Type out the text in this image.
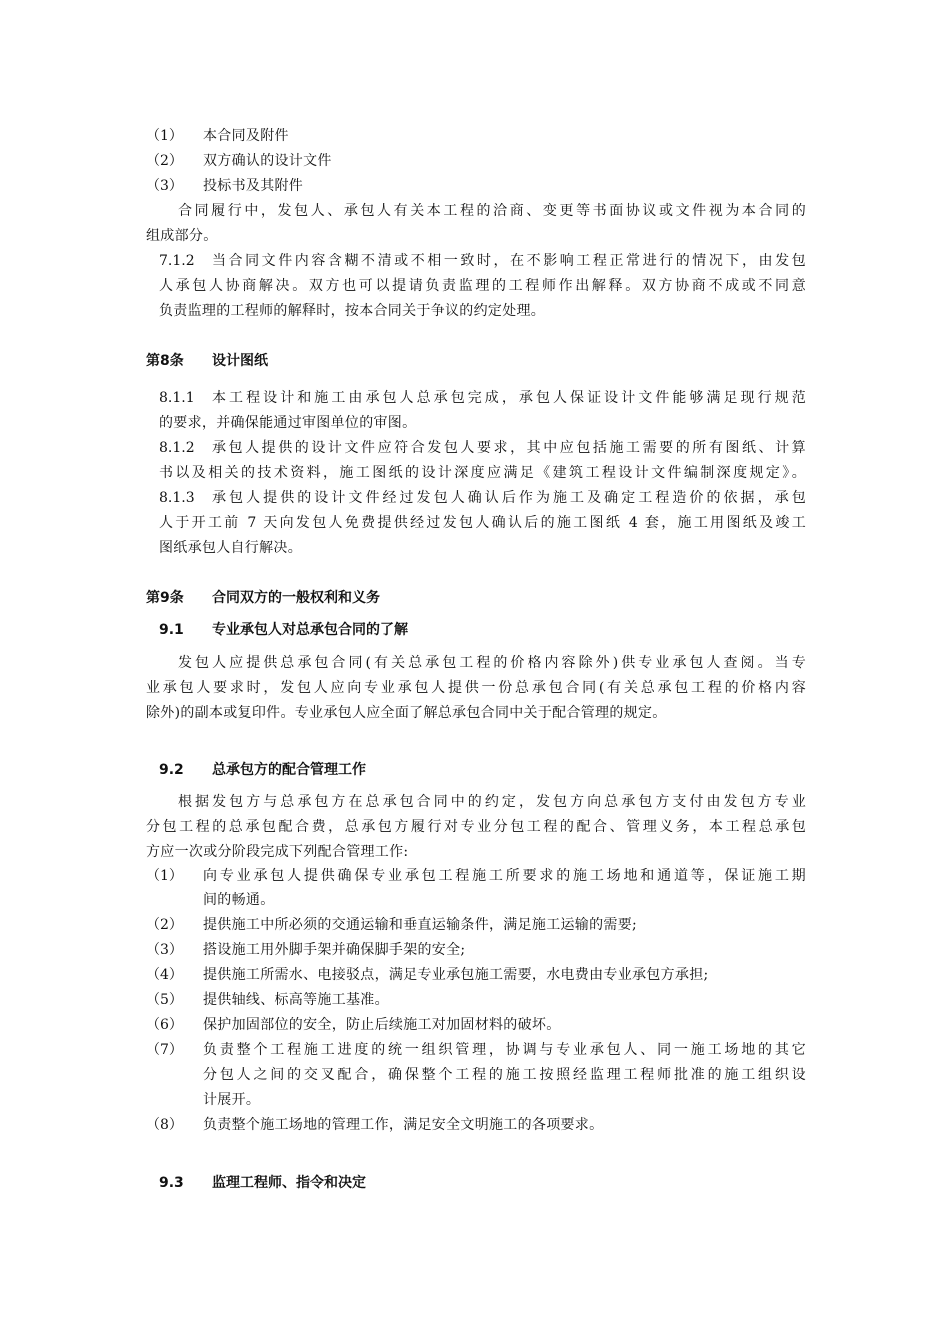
（1） 本合同及附件
（2） 双方确认的设计文件
（3） 投标书及其附件
合同履行中，发包人、承包人有关本工程的洽商、变更等书面协议或文件视为本合同的
组成部分。
7.1.2 当合同文件内容含糊不清或不相一致时，在不影响工程正常进行的情况下，由发包
人承包人协商解决。双方也可以提请负责监理的工程师作出解释。双方协商不成或不同意
负责监理的工程师的解释时，按本合同关于争议的约定处理。
第8条 设计图纸
8.1.1 本工程设计和施工由承包人总承包完成，承包人保证设计文件能够满足现行规范
的要求，并确保能通过审图单位的审图。
8.1.2 承包人提供的设计文件应符合发包人要求，其中应包括施工需要的所有图纸、计算
书以及相关的技术资料，施工图纸的设计深度应满足《建筑工程设计文件编制深度规定》。
8.1.3 承包人提供的设计文件经过发包人确认后作为施工及确定工程造价的依据，承包
人于开工前 7 天向发包人免费提供经过发包人确认后的施工图纸 4 套，施工用图纸及竣工
图纸承包人自行解决。
第9条 合同双方的一般权利和义务
9.1 专业承包人对总承包合同的了解
发包人应提供总承包合同(有关总承包工程的价格内容除外)供专业承包人查阅。当专
业承包人要求时，发包人应向专业承包人提供一份总承包合同(有关总承包工程的价格内容
除外)的副本或复印件。专业承包人应全面了解总承包合同中关于配合管理的规定。
9.2 总承包方的配合管理工作
根据发包方与总承包方在总承包合同中的约定，发包方向总承包方支付由发包方专业
分包工程的总承包配合费，总承包方履行对专业分包工程的配合、管理义务，本工程总承包
方应一次或分阶段完成下列配合管理工作:
（1） 向专业承包人提供确保专业承包工程施工所要求的施工场地和通道等，保证施工期
间的畅通。
（2） 提供施工中所必须的交通运输和垂直运输条件，满足施工运输的需要;
（3） 搭设施工用外脚手架并确保脚手架的安全;
（4） 提供施工所需水、电接驳点，满足专业承包施工需要，水电费由专业承包方承担;
（5） 提供轴线、标高等施工基准。
（6） 保护加固部位的安全，防止后续施工对加固材料的破坏。
（7） 负责整个工程施工进度的统一组织管理，协调与专业承包人、同一施工场地的其它
分包人之间的交叉配合，确保整个工程的施工按照经监理工程师批准的施工组织设
计展开。
（8） 负责整个施工场地的管理工作，满足安全文明施工的各项要求。
9.3 监理工程师、指令和决定
